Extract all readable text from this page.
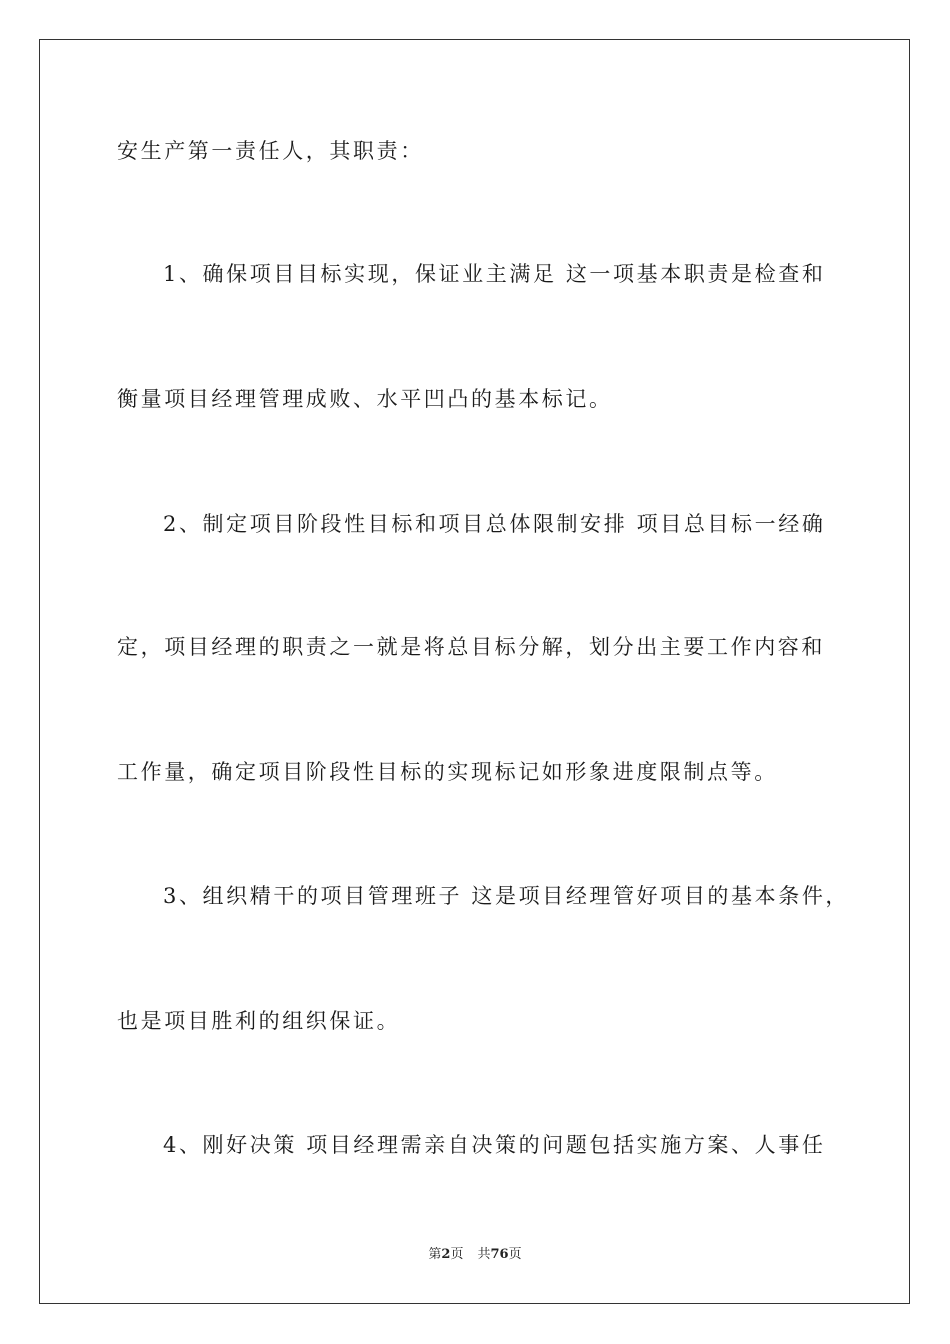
安生产第一责任人，其职责：
1、确保项目目标实现，保证业主满足 这一项基本职责是检查和
衡量项目经理管理成败、水平凹凸的基本标记。
2、制定项目阶段性目标和项目总体限制安排 项目总目标一经确
定，项目经理的职责之一就是将总目标分解，划分出主要工作内容和
工作量，确定项目阶段性目标的实现标记如形象进度限制点等。
3、组织精干的项目管理班子 这是项目经理管好项目的基本条件，
也是项目胜利的组织保证。
4、刚好决策 项目经理需亲自决策的问题包括实施方案、人事任
第2页 共76页
